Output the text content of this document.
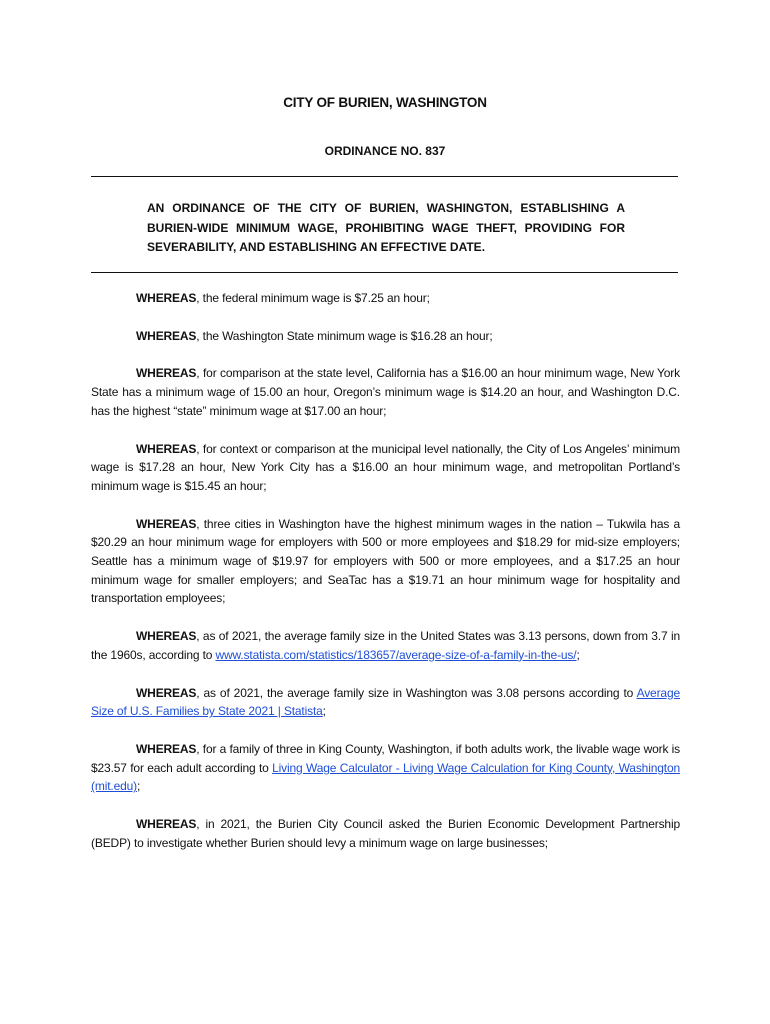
CITY OF BURIEN, WASHINGTON
ORDINANCE NO. 837
AN ORDINANCE OF THE CITY OF BURIEN, WASHINGTON, ESTABLISHING A BURIEN-WIDE MINIMUM WAGE, PROHIBITING WAGE THEFT, PROVIDING FOR SEVERABILITY, AND ESTABLISHING AN EFFECTIVE DATE.

WHEREAS, the federal minimum wage is $7.25 an hour;

WHEREAS, the Washington State minimum wage is $16.28 an hour;

WHEREAS, for comparison at the state level, California has a $16.00 an hour minimum wage, New York State has a minimum wage of 15.00 an hour, Oregon’s minimum wage is $14.20 an hour, and Washington D.C. has the highest “state” minimum wage at $17.00 an hour;

WHEREAS, for context or comparison at the municipal level nationally, the City of Los Angeles’ minimum wage is $17.28 an hour, New York City has a $16.00 an hour minimum wage, and metropolitan Portland’s minimum wage is $15.45 an hour;

WHEREAS, three cities in Washington have the highest minimum wages in the nation – Tukwila has a $20.29 an hour minimum wage for employers with 500 or more employees and $18.29 for mid-size employers; Seattle has a minimum wage of $19.97 for employers with 500 or more employees, and a $17.25 an hour minimum wage for smaller employers; and SeaTac has a $19.71 an hour minimum wage for hospitality and transportation employees;

WHEREAS, as of 2021, the average family size in the United States was 3.13 persons, down from 3.7 in the 1960s, according to www.statista.com/statistics/183657/average-size-of-a-family-in-the-us/;

WHEREAS, as of 2021, the average family size in Washington was 3.08 persons according to Average Size of U.S. Families by State 2021 | Statista;

WHEREAS, for a family of three in King County, Washington, if both adults work, the livable wage work is $23.57 for each adult according to Living Wage Calculator - Living Wage Calculation for King County, Washington (mit.edu);

WHEREAS, in 2021, the Burien City Council asked the Burien Economic Development Partnership (BEDP) to investigate whether Burien should levy a minimum wage on large businesses;
